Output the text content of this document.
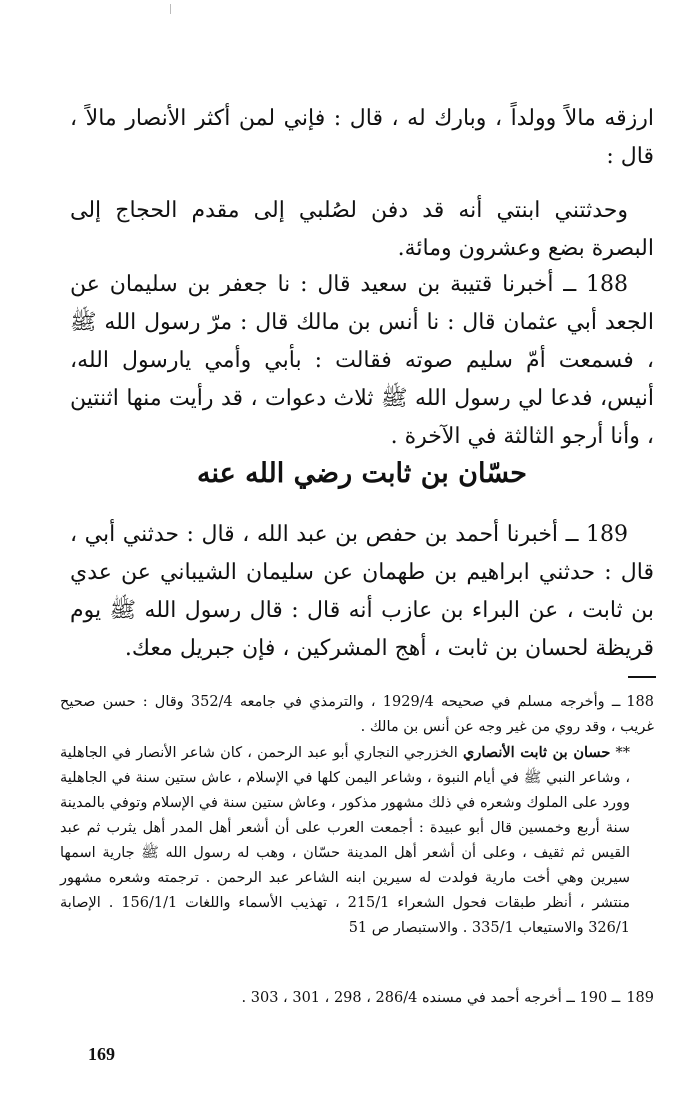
ارزقه مالاً وولداً ، وبارك له ، قال : فإني لمن أكثر الأنصار مالاً ، قال :

وحدثتني ابنتي أنه قد دفن لصُلبي إلى مقدم الحجاج إلى البصرة بضع وعشرون ومائة.

188 ــ أخبرنا قتيبة بن سعيد قال : نا جعفر بن سليمان عن الجعد أبي عثمان قال : نا أنس بن مالك قال : مرّ رسول الله ﷺ ، فسمعت أمّ سليم صوته فقالت : بأبي وأمي يارسول الله، أنيس، فدعا لي رسول الله ﷺ ثلاث دعوات ، قد رأيت منها اثنتين ، وأنا أرجو الثالثة في الآخرة .

حسّان بن ثابت رضي الله عنه

189 ــ أخبرنا أحمد بن حفص بن عبد الله ، قال : حدثني أبي ، قال : حدثني ابراهيم بن طهمان عن سليمان الشيباني عن عدي بن ثابت ، عن البراء بن عازب أنه قال : قال رسول الله ﷺ يوم قريظة لحسان بن ثابت ، أهج المشركين ، فإن جبريل معك.

188ــ وأخرجه مسلم في صحيحه 1929/4 ، والترمذي في جامعه 352/4 وقال : حسن صحيح غريب ، وقد روي من غير وجه عن أنس بن مالك .
** حسان بن ثابت الأنصاري الخزرجي النجاري أبو عبد الرحمن ، كان شاعر الأنصار في الجاهلية ، وشاعر النبي ﷺ في أيام النبوة ، وشاعر اليمن كلها في الإسلام ، عاش ستين سنة في الجاهلية وورد على الملوك وشعره في ذلك مشهور مذكور ، وعاش ستين سنة في الإسلام وتوفي بالمدينة سنة أربع وخمسين قال أبو عبيدة : أجمعت العرب على أن أشعر أهل المدر أهل يثرب ثم عبد القيس ثم ثقيف ، وعلى أن أشعر أهل المدينة حسّان ، وهب له رسول الله ﷺ جارية اسمها سيرين وهي أخت مارية فولدت له سيرين ابنه الشاعر عبد الرحمن . ترجمته وشعره مشهور منتشر ، أنظر طبقات فحول الشعراء 215/1 ، تهذيب الأسماء واللغات 156/1/1 . الإصابة 326/1 والاستيعاب 335/1 . والاستبصار ص 51
189ــ 190 ــ أخرجه أحمد في مسنده 286/4 ، 298 ، 301 ، 303 .
169
